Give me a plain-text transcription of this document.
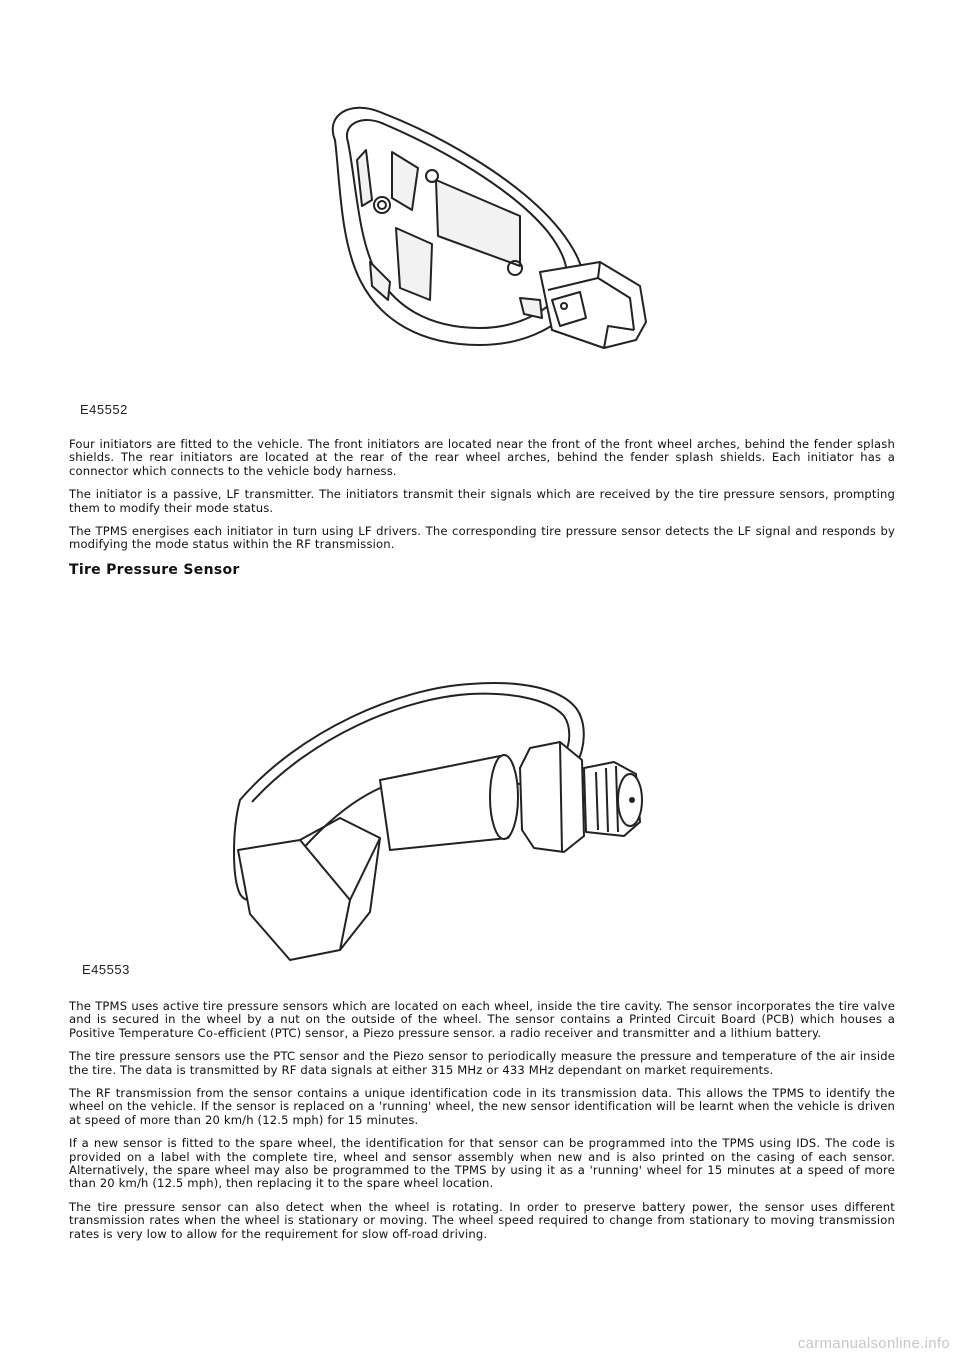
E45552

Four initiators are fitted to the vehicle. The front initiators are located near the front of the front wheel arches, behind the fender splash shields. The rear initiators are located at the rear of the rear wheel arches, behind the fender splash shields. Each initiator has a connector which connects to the vehicle body harness.

The initiator is a passive, LF transmitter. The initiators transmit their signals which are received by the tire pressure sensors, prompting them to modify their mode status.

The TPMS energises each initiator in turn using LF drivers. The corresponding tire pressure sensor detects the LF signal and responds by modifying the mode status within the RF transmission.

Tire Pressure Sensor
E45553

The TPMS uses active tire pressure sensors which are located on each wheel, inside the tire cavity. The sensor incorporates the tire valve and is secured in the wheel by a nut on the outside of the wheel. The sensor contains a Printed Circuit Board (PCB) which houses a Positive Temperature Co-efficient (PTC) sensor, a Piezo pressure sensor. a radio receiver and transmitter and a lithium battery.

The tire pressure sensors use the PTC sensor and the Piezo sensor to periodically measure the pressure and temperature of the air inside the tire. The data is transmitted by RF data signals at either 315 MHz or 433 MHz dependant on market requirements.

The RF transmission from the sensor contains a unique identification code in its transmission data. This allows the TPMS to identify the wheel on the vehicle. If the sensor is replaced on a 'running' wheel, the new sensor identification will be learnt when the vehicle is driven at speed of more than 20 km/h (12.5 mph) for 15 minutes.

If a new sensor is fitted to the spare wheel, the identification for that sensor can be programmed into the TPMS using IDS. The code is provided on a label with the complete tire, wheel and sensor assembly when new and is also printed on the casing of each sensor. Alternatively, the spare wheel may also be programmed to the TPMS by using it as a 'running' wheel for 15 minutes at a speed of more than 20 km/h (12.5 mph), then replacing it to the spare wheel location.

The tire pressure sensor can also detect when the wheel is rotating. In order to preserve battery power, the sensor uses different transmission rates when the wheel is stationary or moving. The wheel speed required to change from stationary to moving transmission rates is very low to allow for the requirement for slow off-road driving.

carmanualsonline.info
